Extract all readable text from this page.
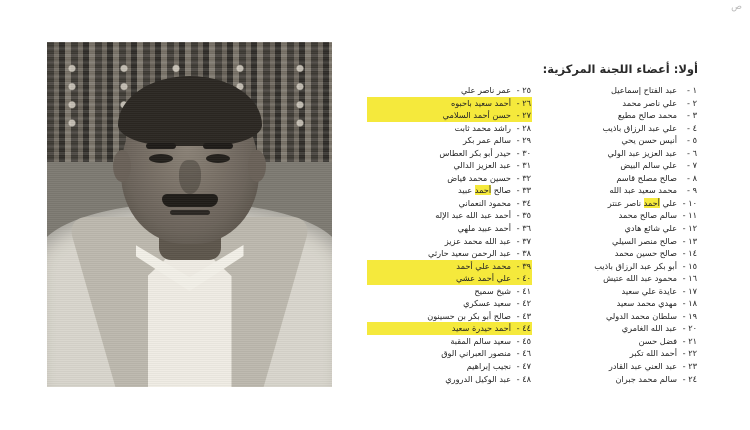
ص
أولا: أعضاء اللجنة المركزية:
١ -عبد الفتاح إسماعيل
٢ -علي ناصر محمد
٣ -محمد صالح مطيع
٤ -علي عبد الرزاق باذيب
٥ -أنيس حسن يحي
٦ -عبد العزيز عبد الولي
٧ -علي سالم البيض
٨ -صالح مصلح قاسم
٩ -محمد سعيد عبد الله
١٠ -علي أحمد ناصر عنتر
١١ -سالم صالح محمد
١٢ -علي شائع هادي
١٣ -صالح منصر السيلي
١٤ -صالح حسين محمد
١٥ -أبو بكر عبد الرزاق باذيب
١٦ -محمود عبد الله عتيش
١٧ -عايدة علي سعيد
١٨ -مهدي محمد سعيد
١٩ -سلطان محمد الدولي
٢٠ -عبد الله الغامري
٢١ -فضل حسن
٢٢ -أحمد الله تكبر
٢٣ -عبد العني عبد القادر
٢٤ -سالم محمد جبران
٢٥ -عمر ناصر علي
٢٦ -أحمد سعيد باحبوه
٢٧ -حسن أحمد السلامي
٢٨ -راشد محمد ثابت
٢٩ -سالم عمر بكر
٣٠ -حيدر أبو بكر العطاس
٣١ -عبد العزيز الدالي
٣٢ -حسين محمد فياض
٣٣ -صالح أحمد عبيد
٣٤ -محمود النعماني
٣٥ -أحمد عبد الله عبد الإله
٣٦ -أحمد عبيد ملهي
٣٧ -عبد الله محمد عزيز
٣٨ -عبد الرحمن سعيد حارثي
٣٩ -محمد علي أحمد
٤٠ -علي أحمد عشي
٤١ -شيخ سميح
٤٢ -سعيد عسكري
٤٣ -صالح أبو بكر بن حسينون
٤٤ -أحمد حيدرة سعيد
٤٥ -سعيد سالم المقبة
٤٦ -منصور العبراني الوق
٤٧ -نجيب إبراهيم
٤٨ -عبد الوكيل الدروري
